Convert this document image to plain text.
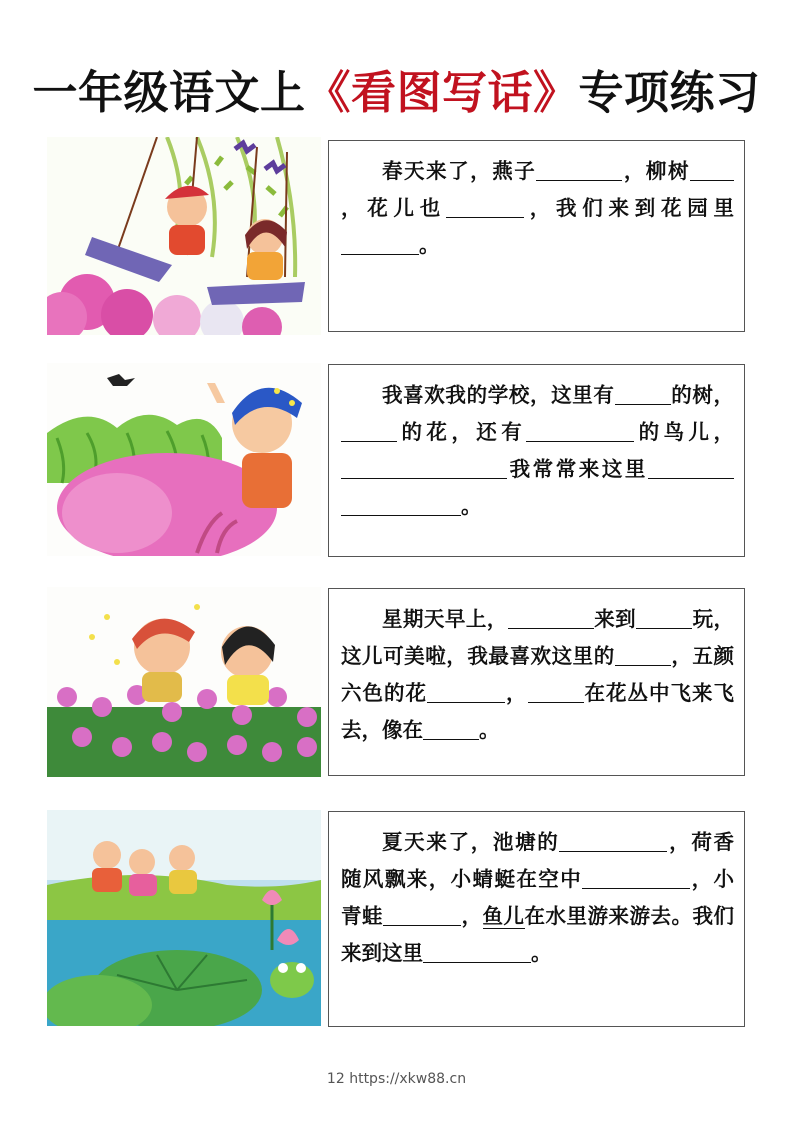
一年级语文上《看图写话》专项练习

春天来了，燕子	，柳树，花儿也	，我们来到花园里。

我喜欢我的学校，这里有	的树，的花，还有	的鸟儿，我常常来这里。

星期天早上，	来到	玩，这儿可美啦，我最喜欢这里的	，五颜六色的花	，	在花丛中飞来飞去，像在	。

夏天来了，池塘的	，荷香随风飘来，小蜻蜓在空中	，小青蛙	，鱼儿在水里游来游去。我们来到这里	。

12 https://xkw88.cn
